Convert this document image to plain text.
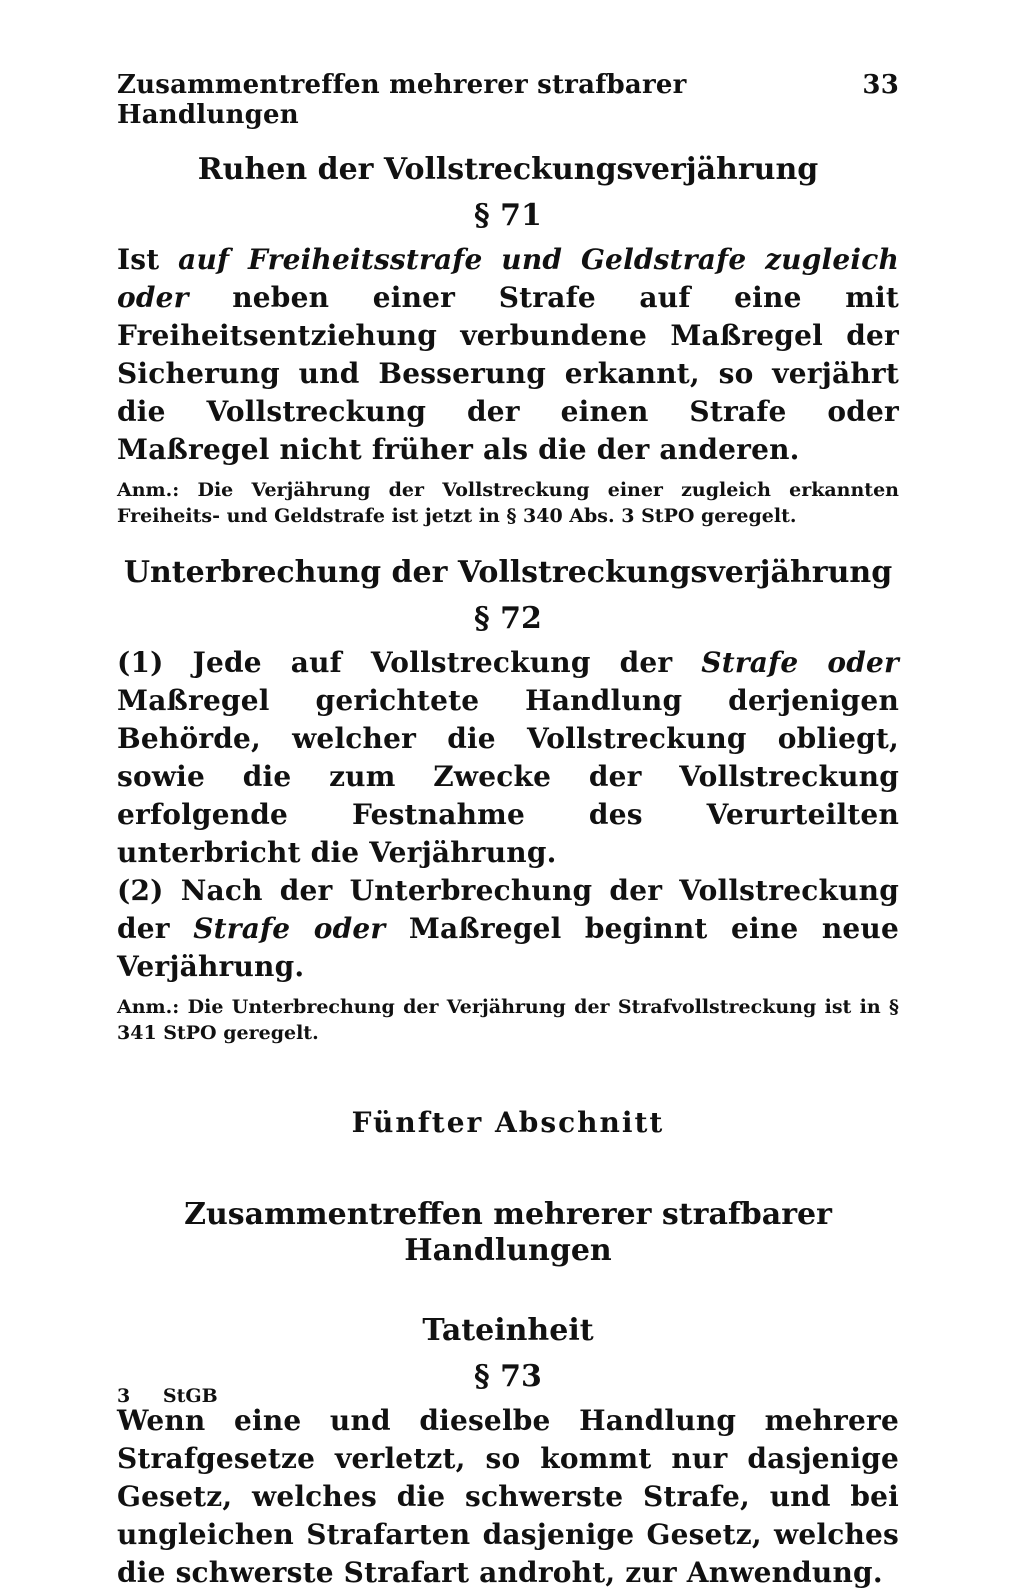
Zusammentreffen mehrerer strafbarer Handlungen
33
Ruhen der Vollstreckungsverjährung
§ 71

Ist auf Freiheitsstrafe und Geldstrafe zugleich oder neben einer Strafe auf eine mit Freiheitsentziehung verbundene Maßregel der Sicherung und Besserung erkannt, so verjährt die Vollstreckung der einen Strafe oder Maßregel nicht früher als die der anderen.

Anm.: Die Verjährung der Vollstreckung einer zugleich erkannten Freiheits- und Geldstrafe ist jetzt in § 340 Abs. 3 StPO geregelt.

Unterbrechung der Vollstreckungsverjährung
§ 72

(1) Jede auf Vollstreckung der Strafe oder Maßregel gerichtete Handlung derjenigen Behörde, welcher die Vollstreckung obliegt, sowie die zum Zwecke der Vollstreckung erfolgende Festnahme des Verurteilten unterbricht die Verjährung.

(2) Nach der Unterbrechung der Vollstreckung der Strafe oder Maßregel beginnt eine neue Verjährung.

Anm.: Die Unterbrechung der Verjährung der Strafvollstreckung ist in § 341 StPO geregelt.

Fünfter Abschnitt
Zusammentreffen mehrerer strafbarer Handlungen
Tateinheit
§ 73

Wenn eine und dieselbe Handlung mehrere Strafgesetze verletzt, so kommt nur dasjenige Gesetz, welches die schwerste Strafe, und bei ungleichen Strafarten dasjenige Gesetz, welches die schwerste Strafart androht, zur Anwendung.

3 StGB
